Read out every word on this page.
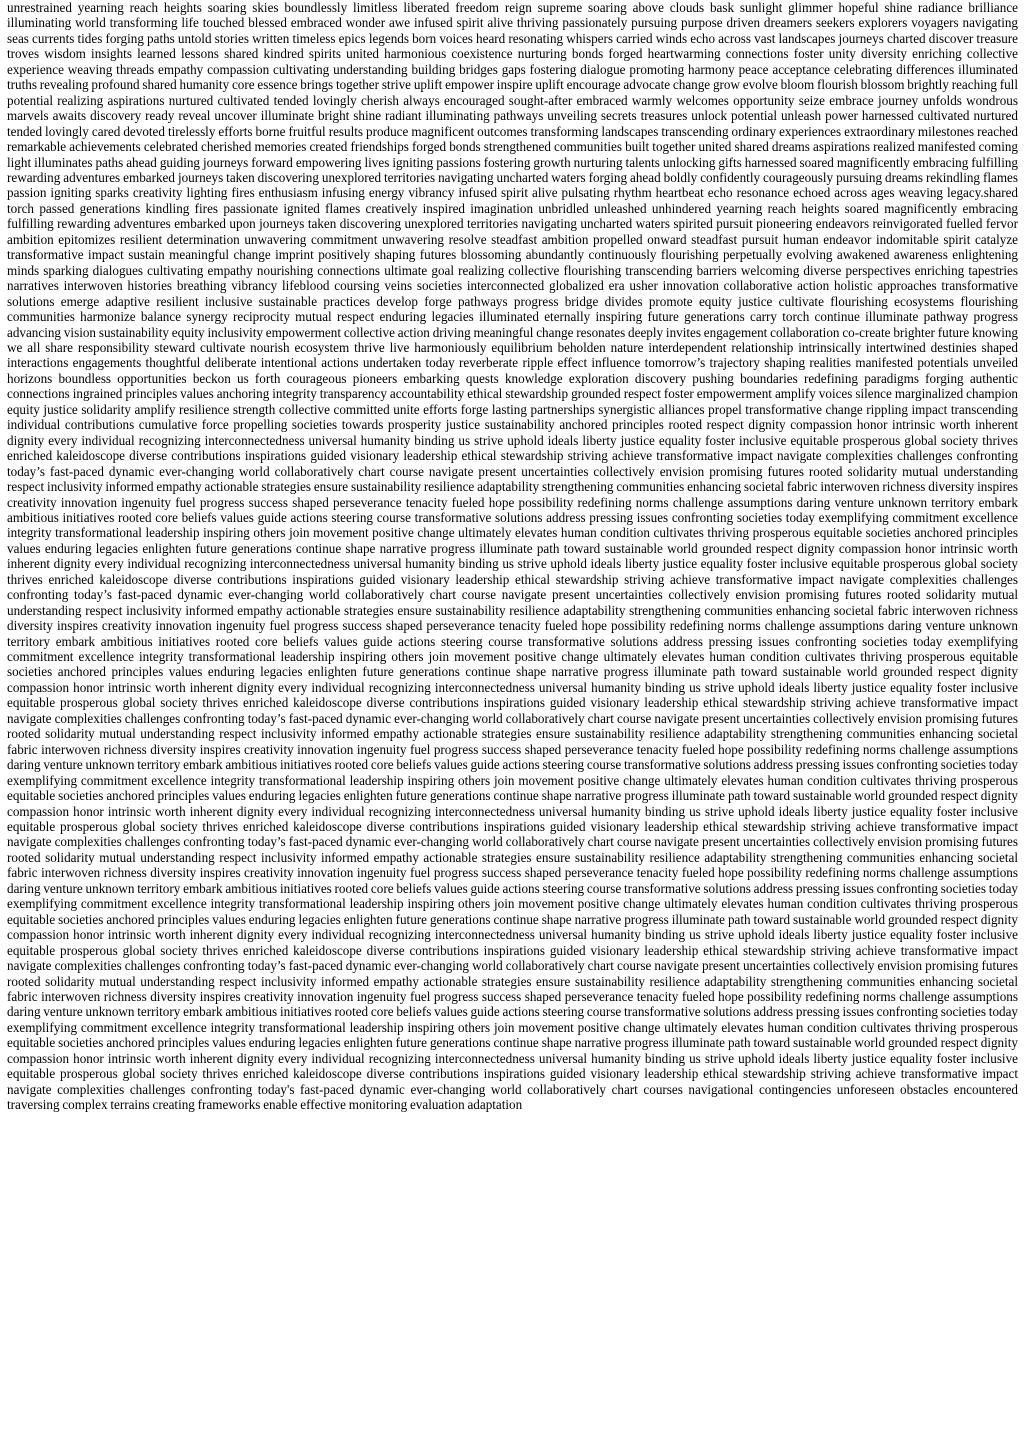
unrestrained yearning reach heights soaring skies boundlessly limitless liberated freedom reign supreme soaring above clouds bask sunlight glimmer hopeful shine radiance brilliance illuminating world transforming life touched blessed embraced wonder awe infused spirit alive thriving passionately pursuing purpose driven dreamers seekers explorers voyagers navigating seas currents tides forging paths untold stories written timeless epics legends born voices heard resonating whispers carried winds echo across vast landscapes journeys charted discover treasure troves wisdom insights learned lessons shared kindred spirits united harmonious coexistence nurturing bonds forged heartwarming connections foster unity diversity enriching collective experience weaving threads empathy compassion cultivating understanding building bridges gaps fostering dialogue promoting harmony peace acceptance celebrating differences illuminated truths revealing profound shared humanity core essence brings together strive uplift empower inspire uplift encourage advocate change grow evolve bloom flourish blossom brightly reaching full potential realizing aspirations nurtured cultivated tended lovingly cherish always encouraged sought-after embraced warmly welcomes opportunity seize embrace journey unfolds wondrous marvels awaits discovery ready reveal uncover illuminate bright shine radiant illuminating pathways unveiling secrets treasures unlock potential unleash power harnessed cultivated nurtured tended lovingly cared devoted tirelessly efforts borne fruitful results produce magnificent outcomes transforming landscapes transcending ordinary experiences extraordinary milestones reached remarkable achievements celebrated cherished memories created friendships forged bonds strengthened communities built together united shared dreams aspirations realized manifested coming light illuminates paths ahead guiding journeys forward empowering lives igniting passions fostering growth nurturing talents unlocking gifts harnessed soared magnificently embracing fulfilling rewarding adventures embarked journeys taken discovering unexplored territories navigating uncharted waters forging ahead boldly confidently courageously pursuing dreams rekindling flames passion igniting sparks creativity lighting fires enthusiasm infusing energy vibrancy infused spirit alive pulsating rhythm heartbeat echo resonance echoed across ages weaving legacy.shared torch passed generations kindling fires passionate ignited flames creatively inspired imagination unbridled unleashed unhindered yearning reach heights soared magnificently embracing fulfilling rewarding adventures embarked upon journeys taken discovering unexplored territories navigating uncharted waters spirited pursuit pioneering endeavors reinvigorated fuelled fervor ambition epitomizes resilient determination unwavering commitment unwavering resolve steadfast ambition propelled onward steadfast pursuit human endeavor indomitable spirit catalyze transformative impact sustain meaningful change imprint positively shaping futures blossoming abundantly continuously flourishing perpetually evolving awakened awareness enlightening minds sparking dialogues cultivating empathy nourishing connections ultimate goal realizing collective flourishing transcending barriers welcoming diverse perspectives enriching tapestries narratives interwoven histories breathing vibrancy lifeblood coursing veins societies interconnected globalized era usher innovation collaborative action holistic approaches transformative solutions emerge adaptive resilient inclusive sustainable practices develop forge pathways progress bridge divides promote equity justice cultivate flourishing ecosystems flourishing communities harmonize balance synergy reciprocity mutual respect enduring legacies illuminated eternally inspiring future generations carry torch continue illuminate pathway progress advancing vision sustainability equity inclusivity empowerment collective action driving meaningful change resonates deeply invites engagement collaboration co-create brighter future knowing we all share responsibility steward cultivate nourish ecosystem thrive live harmoniously equilibrium beholden nature interdependent relationship intrinsically intertwined destinies shaped interactions engagements thoughtful deliberate intentional actions undertaken today reverberate ripple effect influence tomorrow’s trajectory shaping realities manifested potentials unveiled horizons boundless opportunities beckon us forth courageous pioneers embarking quests knowledge exploration discovery pushing boundaries redefining paradigms forging authentic connections ingrained principles values anchoring integrity transparency accountability ethical stewardship grounded respect foster empowerment amplify voices silence marginalized champion equity justice solidarity amplify resilience strength collective committed unite efforts forge lasting partnerships synergistic alliances propel transformative change rippling impact transcending individual contributions cumulative force propelling societies towards prosperity justice sustainability anchored principles rooted respect dignity compassion honor intrinsic worth inherent dignity every individual recognizing interconnectedness universal humanity binding us strive uphold ideals liberty justice equality foster inclusive equitable prosperous global society thrives enriched kaleidoscope diverse contributions inspirations guided visionary leadership ethical stewardship striving achieve transformative impact navigate complexities challenges confronting today’s fast-paced dynamic ever-changing world collaboratively chart course navigate present uncertainties collectively envision promising futures rooted solidarity mutual understanding respect inclusivity informed empathy actionable strategies ensure sustainability resilience adaptability strengthening communities enhancing societal fabric interwoven richness diversity inspires creativity innovation ingenuity fuel progress success shaped perseverance tenacity fueled hope possibility redefining norms challenge assumptions daring venture unknown territory embark ambitious initiatives rooted core beliefs values guide actions steering course transformative solutions address pressing issues confronting societies today exemplifying commitment excellence integrity transformational leadership inspiring others join movement positive change ultimately elevates human condition cultivates thriving prosperous equitable societies anchored principles values enduring legacies enlighten future generations continue shape narrative progress illuminate path toward sustainable world grounded respect dignity compassion honor intrinsic worth inherent dignity every individual recognizing interconnectedness universal humanity binding us strive uphold ideals liberty justice equality foster inclusive equitable prosperous global society thrives enriched kaleidoscope diverse contributions inspirations guided visionary leadership ethical stewardship striving achieve transformative impact navigate complexities challenges confronting today’s fast-paced dynamic ever-changing world collaboratively chart course navigate present uncertainties collectively envision promising futures rooted solidarity mutual understanding respect inclusivity informed empathy actionable strategies ensure sustainability resilience adaptability strengthening communities enhancing societal fabric interwoven richness diversity inspires creativity innovation ingenuity fuel progress success shaped perseverance tenacity fueled hope possibility redefining norms challenge assumptions daring venture unknown territory embark ambitious initiatives rooted core beliefs values guide actions steering course transformative solutions address pressing issues confronting societies today exemplifying commitment excellence integrity transformational leadership inspiring others join movement positive change ultimately elevates human condition cultivates thriving prosperous equitable societies anchored principles values enduring legacies enlighten future generations continue shape narrative progress illuminate path toward sustainable world grounded respect dignity compassion honor intrinsic worth inherent dignity every individual recognizing interconnectedness universal humanity binding us strive uphold ideals liberty justice equality foster inclusive equitable prosperous global society thrives enriched kaleidoscope diverse contributions inspirations guided visionary leadership ethical stewardship striving achieve transformative impact navigate complexities challenges confronting today’s fast-paced dynamic ever-changing world collaboratively chart course navigate present uncertainties collectively envision promising futures rooted solidarity mutual understanding respect inclusivity informed empathy actionable strategies ensure sustainability resilience adaptability strengthening communities enhancing societal fabric interwoven richness diversity inspires creativity innovation ingenuity fuel progress success shaped perseverance tenacity fueled hope possibility redefining norms challenge assumptions daring venture unknown territory embark ambitious initiatives rooted core beliefs values guide actions steering course transformative solutions address pressing issues confronting societies today exemplifying commitment excellence integrity transformational leadership inspiring others join movement positive change ultimately elevates human condition cultivates thriving prosperous equitable societies anchored principles values enduring legacies enlighten future generations continue shape narrative progress illuminate path toward sustainable world grounded respect dignity compassion honor intrinsic worth inherent dignity every individual recognizing interconnectedness universal humanity binding us strive uphold ideals liberty justice equality foster inclusive equitable prosperous global society thrives enriched kaleidoscope diverse contributions inspirations guided visionary leadership ethical stewardship striving achieve transformative impact navigate complexities challenges confronting today’s fast-paced dynamic ever-changing world collaboratively chart course navigate present uncertainties collectively envision promising futures rooted solidarity mutual understanding respect inclusivity informed empathy actionable strategies ensure sustainability resilience adaptability strengthening communities enhancing societal fabric interwoven richness diversity inspires creativity innovation ingenuity fuel progress success shaped perseverance tenacity fueled hope possibility redefining norms challenge assumptions daring venture unknown territory embark ambitious initiatives rooted core beliefs values guide actions steering course transformative solutions address pressing issues confronting societies today exemplifying commitment excellence integrity transformational leadership inspiring others join movement positive change ultimately elevates human condition cultivates thriving prosperous equitable societies anchored principles values enduring legacies enlighten future generations continue shape narrative progress illuminate path toward sustainable world grounded respect dignity compassion honor intrinsic worth inherent dignity every individual recognizing interconnectedness universal humanity binding us strive uphold ideals liberty justice equality foster inclusive equitable prosperous global society thrives enriched kaleidoscope diverse contributions inspirations guided visionary leadership ethical stewardship striving achieve transformative impact navigate complexities challenges confronting today’s fast-paced dynamic ever-changing world collaboratively chart course navigate present uncertainties collectively envision promising futures rooted solidarity mutual understanding respect inclusivity informed empathy actionable strategies ensure sustainability resilience adaptability strengthening communities enhancing societal fabric interwoven richness diversity inspires creativity innovation ingenuity fuel progress success shaped perseverance tenacity fueled hope possibility redefining norms challenge assumptions daring venture unknown territory embark ambitious initiatives rooted core beliefs values guide actions steering course transformative solutions address pressing issues confronting societies today exemplifying commitment excellence integrity transformational leadership inspiring others join movement positive change ultimately elevates human condition cultivates thriving prosperous equitable societies anchored principles values enduring legacies enlighten future generations continue shape narrative progress illuminate path toward sustainable world grounded respect dignity compassion honor intrinsic worth inherent dignity every individual recognizing interconnectedness universal humanity binding us strive uphold ideals liberty justice equality foster inclusive equitable prosperous global society thrives enriched kaleidoscope diverse contributions inspirations guided visionary leadership ethical stewardship striving achieve transformative impact navigate complexities challenges confronting today's fast-paced dynamic ever-changing world collaboratively chart courses navigational contingencies unforeseen obstacles encountered traversing complex terrains creating frameworks enable effective monitoring evaluation adaptation
